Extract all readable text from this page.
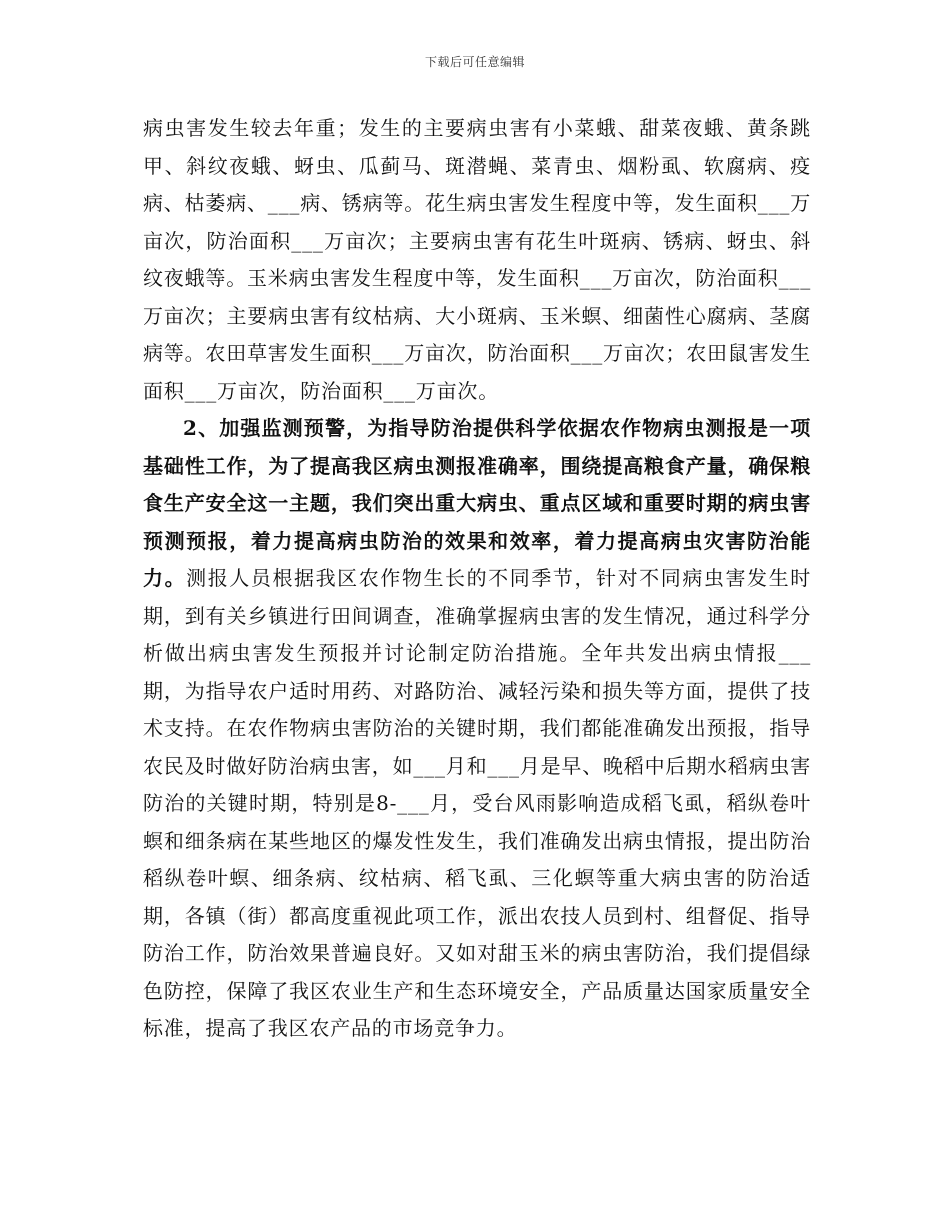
下载后可任意编辑

病虫害发生较去年重；发生的主要病虫害有小菜蛾、甜菜夜蛾、黄条跳甲、斜纹夜蛾、蚜虫、瓜蓟马、斑潜蝇、菜青虫、烟粉虱、软腐病、疫病、枯萎病、___病、锈病等。花生病虫害发生程度中等，发生面积___万亩次，防治面积___万亩次；主要病虫害有花生叶斑病、锈病、蚜虫、斜纹夜蛾等。玉米病虫害发生程度中等，发生面积___万亩次，防治面积___万亩次；主要病虫害有纹枯病、大小斑病、玉米螟、细菌性心腐病、茎腐病等。农田草害发生面积___万亩次，防治面积___万亩次；农田鼠害发生面积___万亩次，防治面积___万亩次。

2、加强监测预警，为指导防治提供科学依据农作物病虫测报是一项基础性工作，为了提高我区病虫测报准确率，围绕提高粮食产量，确保粮食生产安全这一主题，我们突出重大病虫、重点区域和重要时期的病虫害预测预报，着力提高病虫防治的效果和效率，着力提高病虫灾害防治能力。测报人员根据我区农作物生长的不同季节，针对不同病虫害发生时期，到有关乡镇进行田间调查，准确掌握病虫害的发生情况，通过科学分析做出病虫害发生预报并讨论制定防治措施。全年共发出病虫情报___期，为指导农户适时用药、对路防治、减轻污染和损失等方面，提供了技术支持。在农作物病虫害防治的关键时期，我们都能准确发出预报，指导农民及时做好防治病虫害，如___月和___月是早、晚稻中后期水稻病虫害防治的关键时期，特别是8-___月，受台风雨影响造成稻飞虱，稻纵卷叶螟和细条病在某些地区的爆发性发生，我们准确发出病虫情报，提出防治稻纵卷叶螟、细条病、纹枯病、稻飞虱、三化螟等重大病虫害的防治适期，各镇（街）都高度重视此项工作，派出农技人员到村、组督促、指导防治工作，防治效果普遍良好。又如对甜玉米的病虫害防治，我们提倡绿色防控，保障了我区农业生产和生态环境安全，产品质量达国家质量安全标准，提高了我区农产品的市场竞争力。
